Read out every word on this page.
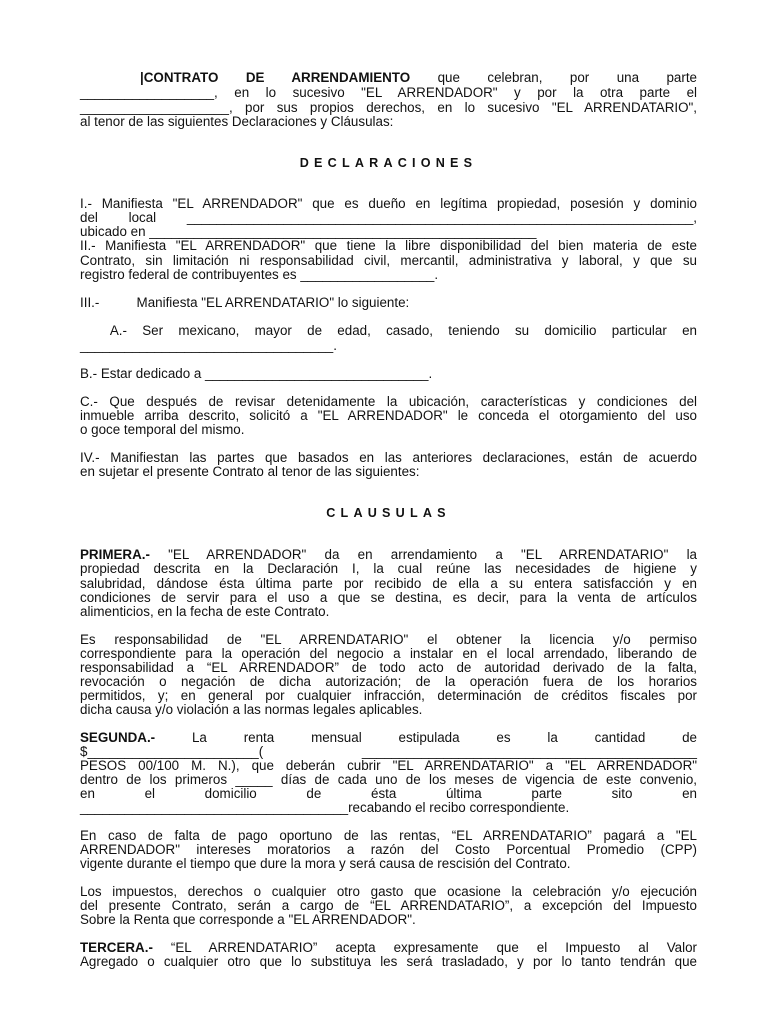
|CONTRATO DE ARRENDAMIENTO que celebran, por una parte
__________________, en lo sucesivo "EL ARRENDADOR" y por la otra parte el
____________________, por sus propios derechos, en lo sucesivo "EL ARRENDATARIO",
al tenor de las siguientes Declaraciones y Cláusulas:
DECLARACIONES
I.- Manifiesta "EL ARRENDADOR" que es dueño en legítima propiedad, posesión y dominio
del local ____________________________________________________________________,
ubicado en ____________________________________________________
II.- Manifiesta "EL ARRENDADOR" que tiene la libre disponibilidad del bien materia de este
Contrato, sin limitación ni responsabilidad civil, mercantil, administrativa y laboral, y que su
registro federal de contribuyentes es __________________.
III.-          Manifiesta "EL ARRENDATARIO" lo siguiente:
A.- Ser mexicano, mayor de edad, casado, teniendo su domicilio particular en
__________________________________.
B.- Estar dedicado a ______________________________.
C.- Que después de revisar detenidamente la ubicación, características y condiciones del
inmueble arriba descrito, solicitó a "EL ARRENDADOR" le conceda el otorgamiento del uso
o goce temporal del mismo.
IV.- Manifiestan las partes que basados en las anteriores declaraciones, están de acuerdo
en sujetar el presente Contrato al tenor de las siguientes:
CLAUSULAS
PRIMERA.- "EL ARRENDADOR" da en arrendamiento a "EL ARRENDATARIO" la
propiedad descrita en la Declaración I, la cual reúne las necesidades de higiene y
salubridad, dándose ésta última parte por recibido de ella a su entera satisfacción y en
condiciones de servir para el uso a que se destina, es decir, para la venta de artículos
alimenticios, en la fecha de este Contrato.
Es responsabilidad de "EL ARRENDATARIO" el obtener la licencia y/o permiso
correspondiente para la operación del negocio a instalar en el local arrendado, liberando de
responsabilidad a “EL ARRENDADOR” de todo acto de autoridad derivado de la falta,
revocación o negación de dicha autorización; de la operación fuera de los horarios
permitidos, y; en general por cualquier infracción, determinación de créditos fiscales por
dicha causa y/o violación a las normas legales aplicables.
SEGUNDA.- La renta mensual estipulada es la cantidad de
$_______________________(   _____________________________________________
PESOS 00/100 M. N.), que deberán cubrir "EL ARRENDATARIO" a "EL ARRENDADOR"
dentro de los primeros _____ días de cada uno de los meses de vigencia de este convenio,
en el domicilio de ésta última parte sito en
____________________________________recabando el recibo correspondiente.
En caso de falta de pago oportuno de las rentas, “EL ARRENDATARIO” pagará a "EL
ARRENDADOR" intereses moratorios a razón del Costo Porcentual Promedio (CPP)
vigente durante el tiempo que dure la mora y será causa de rescisión del Contrato.
Los impuestos, derechos o cualquier otro gasto que ocasione la celebración y/o ejecución
del presente Contrato, serán a cargo de “EL ARRENDATARIO”, a excepción del Impuesto
Sobre la Renta que corresponde a "EL ARRENDADOR".
TERCERA.- “EL ARRENDATARIO” acepta expresamente que el Impuesto al Valor
Agregado o cualquier otro que lo substituya les será trasladado, y por lo tanto tendrán que
